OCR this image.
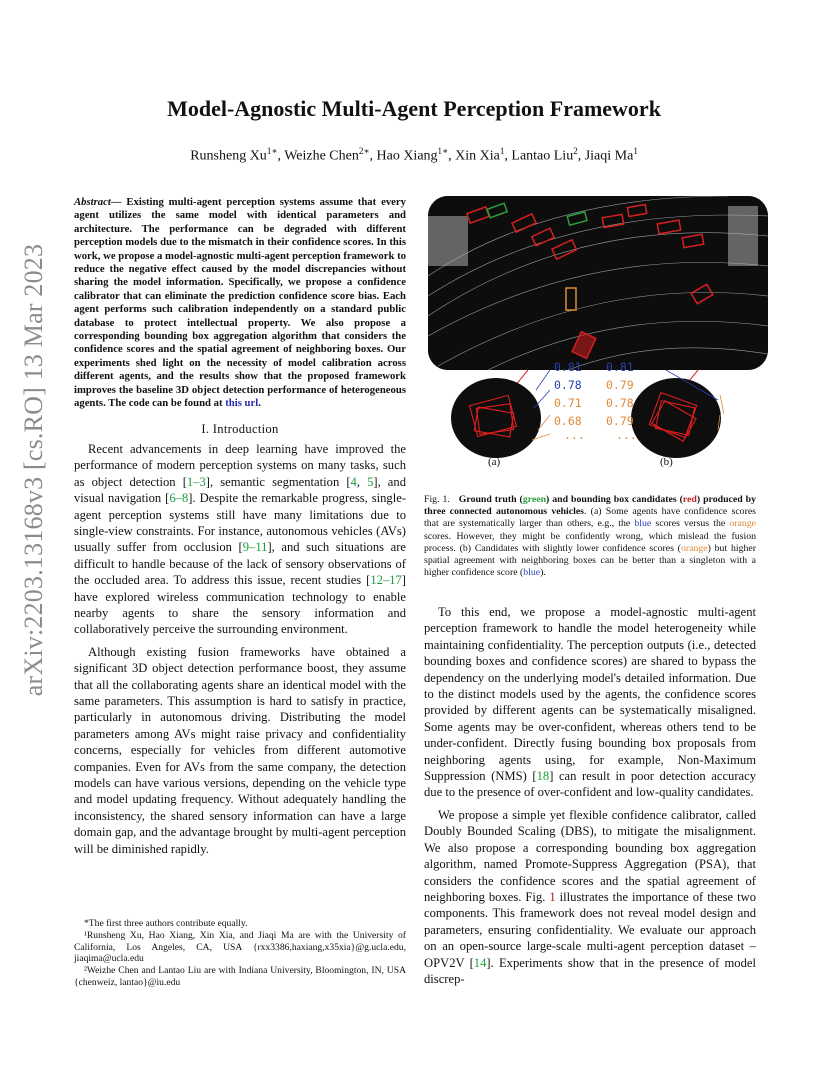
arXiv:2203.13168v3 [cs.RO] 13 Mar 2023
Model-Agnostic Multi-Agent Perception Framework
Runsheng $Xu^{1∗}$, Weizhe Chen$^{2∗}$, Hao Xiang$^{1∗}$, Xin Xia$^1$, Lantao Liu$^2$, Jiaqi Ma$^1$
Abstract— Existing multi-agent perception systems assume that every agent utilizes the same model with identical parameters and architecture. The performance can be degraded with different perception models due to the mismatch in their confidence scores. In this work, we propose a model-agnostic multi-agent perception framework to reduce the negative effect caused by the model discrepancies without sharing the model information. Specifically, we propose a confidence calibrator that can eliminate the prediction confidence score bias. Each agent performs such calibration independently on a standard public database to protect intellectual property. We also propose a corresponding bounding box aggregation algorithm that considers the confidence scores and the spatial agreement of neighboring boxes. Our experiments shed light on the necessity of model calibration across different agents, and the results show that the proposed framework improves the baseline 3D object detection performance of heterogeneous agents. The code can be found at this url.
I. Introduction

Recent advancements in deep learning have improved the performance of modern perception systems on many tasks, such as object detection [1–3], semantic segmentation [4, 5], and visual navigation [6–8]. Despite the remarkable progress, single-agent perception systems still have many limitations due to single-view constraints. For instance, autonomous vehicles (AVs) usually suffer from occlusion [9–11], and such situations are difficult to handle because of the lack of sensory observations of the occluded area. To address this issue, recent studies [12–17] have explored wireless communication technology to enable nearby agents to share the sensory information and collaboratively perceive the surrounding environment.

Although existing fusion frameworks have obtained a significant 3D object detection performance boost, they assume that all the collaborating agents share an identical model with the same parameters. This assumption is hard to satisfy in practice, particularly in autonomous driving. Distributing the model parameters among AVs might raise privacy and confidentiality concerns, especially for vehicles from different automotive companies. Even for AVs from the same company, the detection models can have various versions, depending on the vehicle type and model updating frequency. Without adequately handling the inconsistency, the shared sensory information can have a large domain gap, and the advantage brought by multi-agent perception will be diminished rapidly.

*The first three authors contribute equally.

¹Runsheng Xu, Hao Xiang, Xin Xia, and Jiaqi Ma are with the University of California, Los Angeles, CA, USA {rxx3386,haxiang,x35xia}@g.ucla.edu, jiaqima@ucla.edu

²Weizhe Chen and Lantao Liu are with Indiana University, Bloomington, IN, USA {chenweiz, lantao}@iu.edu

0.81
0.78
0.71
0.68
...
0.81
0.79
0.78
0.79
...
(a)	(b)
Fig. 1. Ground truth (green) and bounding box candidates (red) produced by three connected autonomous vehicles. (a) Some agents have confidence scores that are systematically larger than others, e.g., the blue scores versus the orange scores. However, they might be confidently wrong, which mislead the fusion process. (b) Candidates with slightly lower confidence scores (orange) but higher spatial agreement with neighboring boxes can be better than a singleton with a higher confidence score (blue).

To this end, we propose a model-agnostic multi-agent perception framework to handle the model heterogeneity while maintaining confidentiality. The perception outputs (i.e., detected bounding boxes and confidence scores) are shared to bypass the dependency on the underlying model's detailed information. Due to the distinct models used by the agents, the confidence scores provided by different agents can be systematically misaligned. Some agents may be over-confident, whereas others tend to be under-confident. Directly fusing bounding box proposals from neighboring agents using, for example, Non-Maximum Suppression (NMS) [18] can result in poor detection accuracy due to the presence of over-confident and low-quality candidates.

We propose a simple yet flexible confidence calibrator, called Doubly Bounded Scaling (DBS), to mitigate the misalignment. We also propose a corresponding bounding box aggregation algorithm, named Promote-Suppress Aggregation (PSA), that considers the confidence scores and the spatial agreement of neighboring boxes. Fig. 1 illustrates the importance of these two components. This framework does not reveal model design and parameters, ensuring confidentiality. We evaluate our approach on an open-source large-scale multi-agent perception dataset – OPV2V [14]. Experiments show that in the presence of model discrep-
